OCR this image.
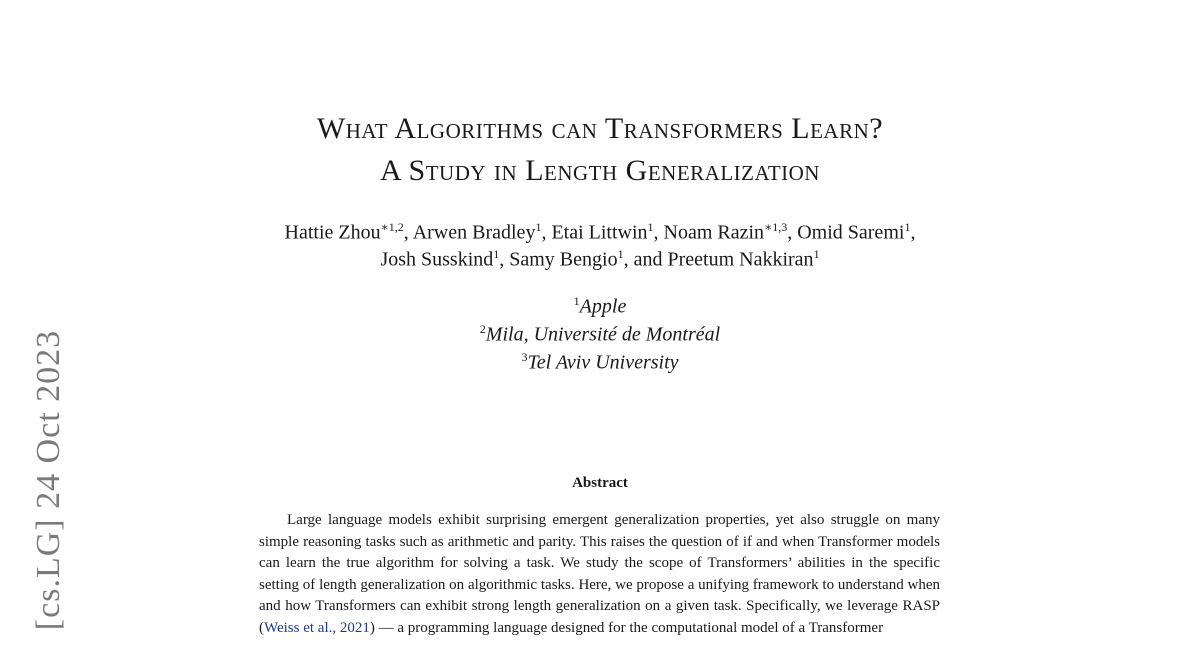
[cs.LG] 24 Oct 2023
What Algorithms can Transformers Learn?
A Study in Length Generalization
Hattie Zhou$^{∗1,2}$, Arwen Bradley$^1$, Etai Littwin$^1$, Noam Razin$^{∗1,3}$, Omid Saremi$^1$,
Josh Susskind$^1$, Samy Bengio$^1$, and Preetum Nakkiran$^1$
$^1$Apple
$^2$Mila, Université de Montréal
$^3$Tel Aviv University
Abstract
Large language models exhibit surprising emergent generalization properties, yet also struggle on many simple reasoning tasks such as arithmetic and parity. This raises the question of if and when Transformer models can learn the true algorithm for solving a task. We study the scope of Transformers’ abilities in the specific setting of length generalization on algorithmic tasks. Here, we propose a unifying framework to understand when and how Transformers can exhibit strong length generalization on a given task. Specifically, we leverage RASP (Weiss et al., 2021) — a programming language designed for the computational model of a Transformer
